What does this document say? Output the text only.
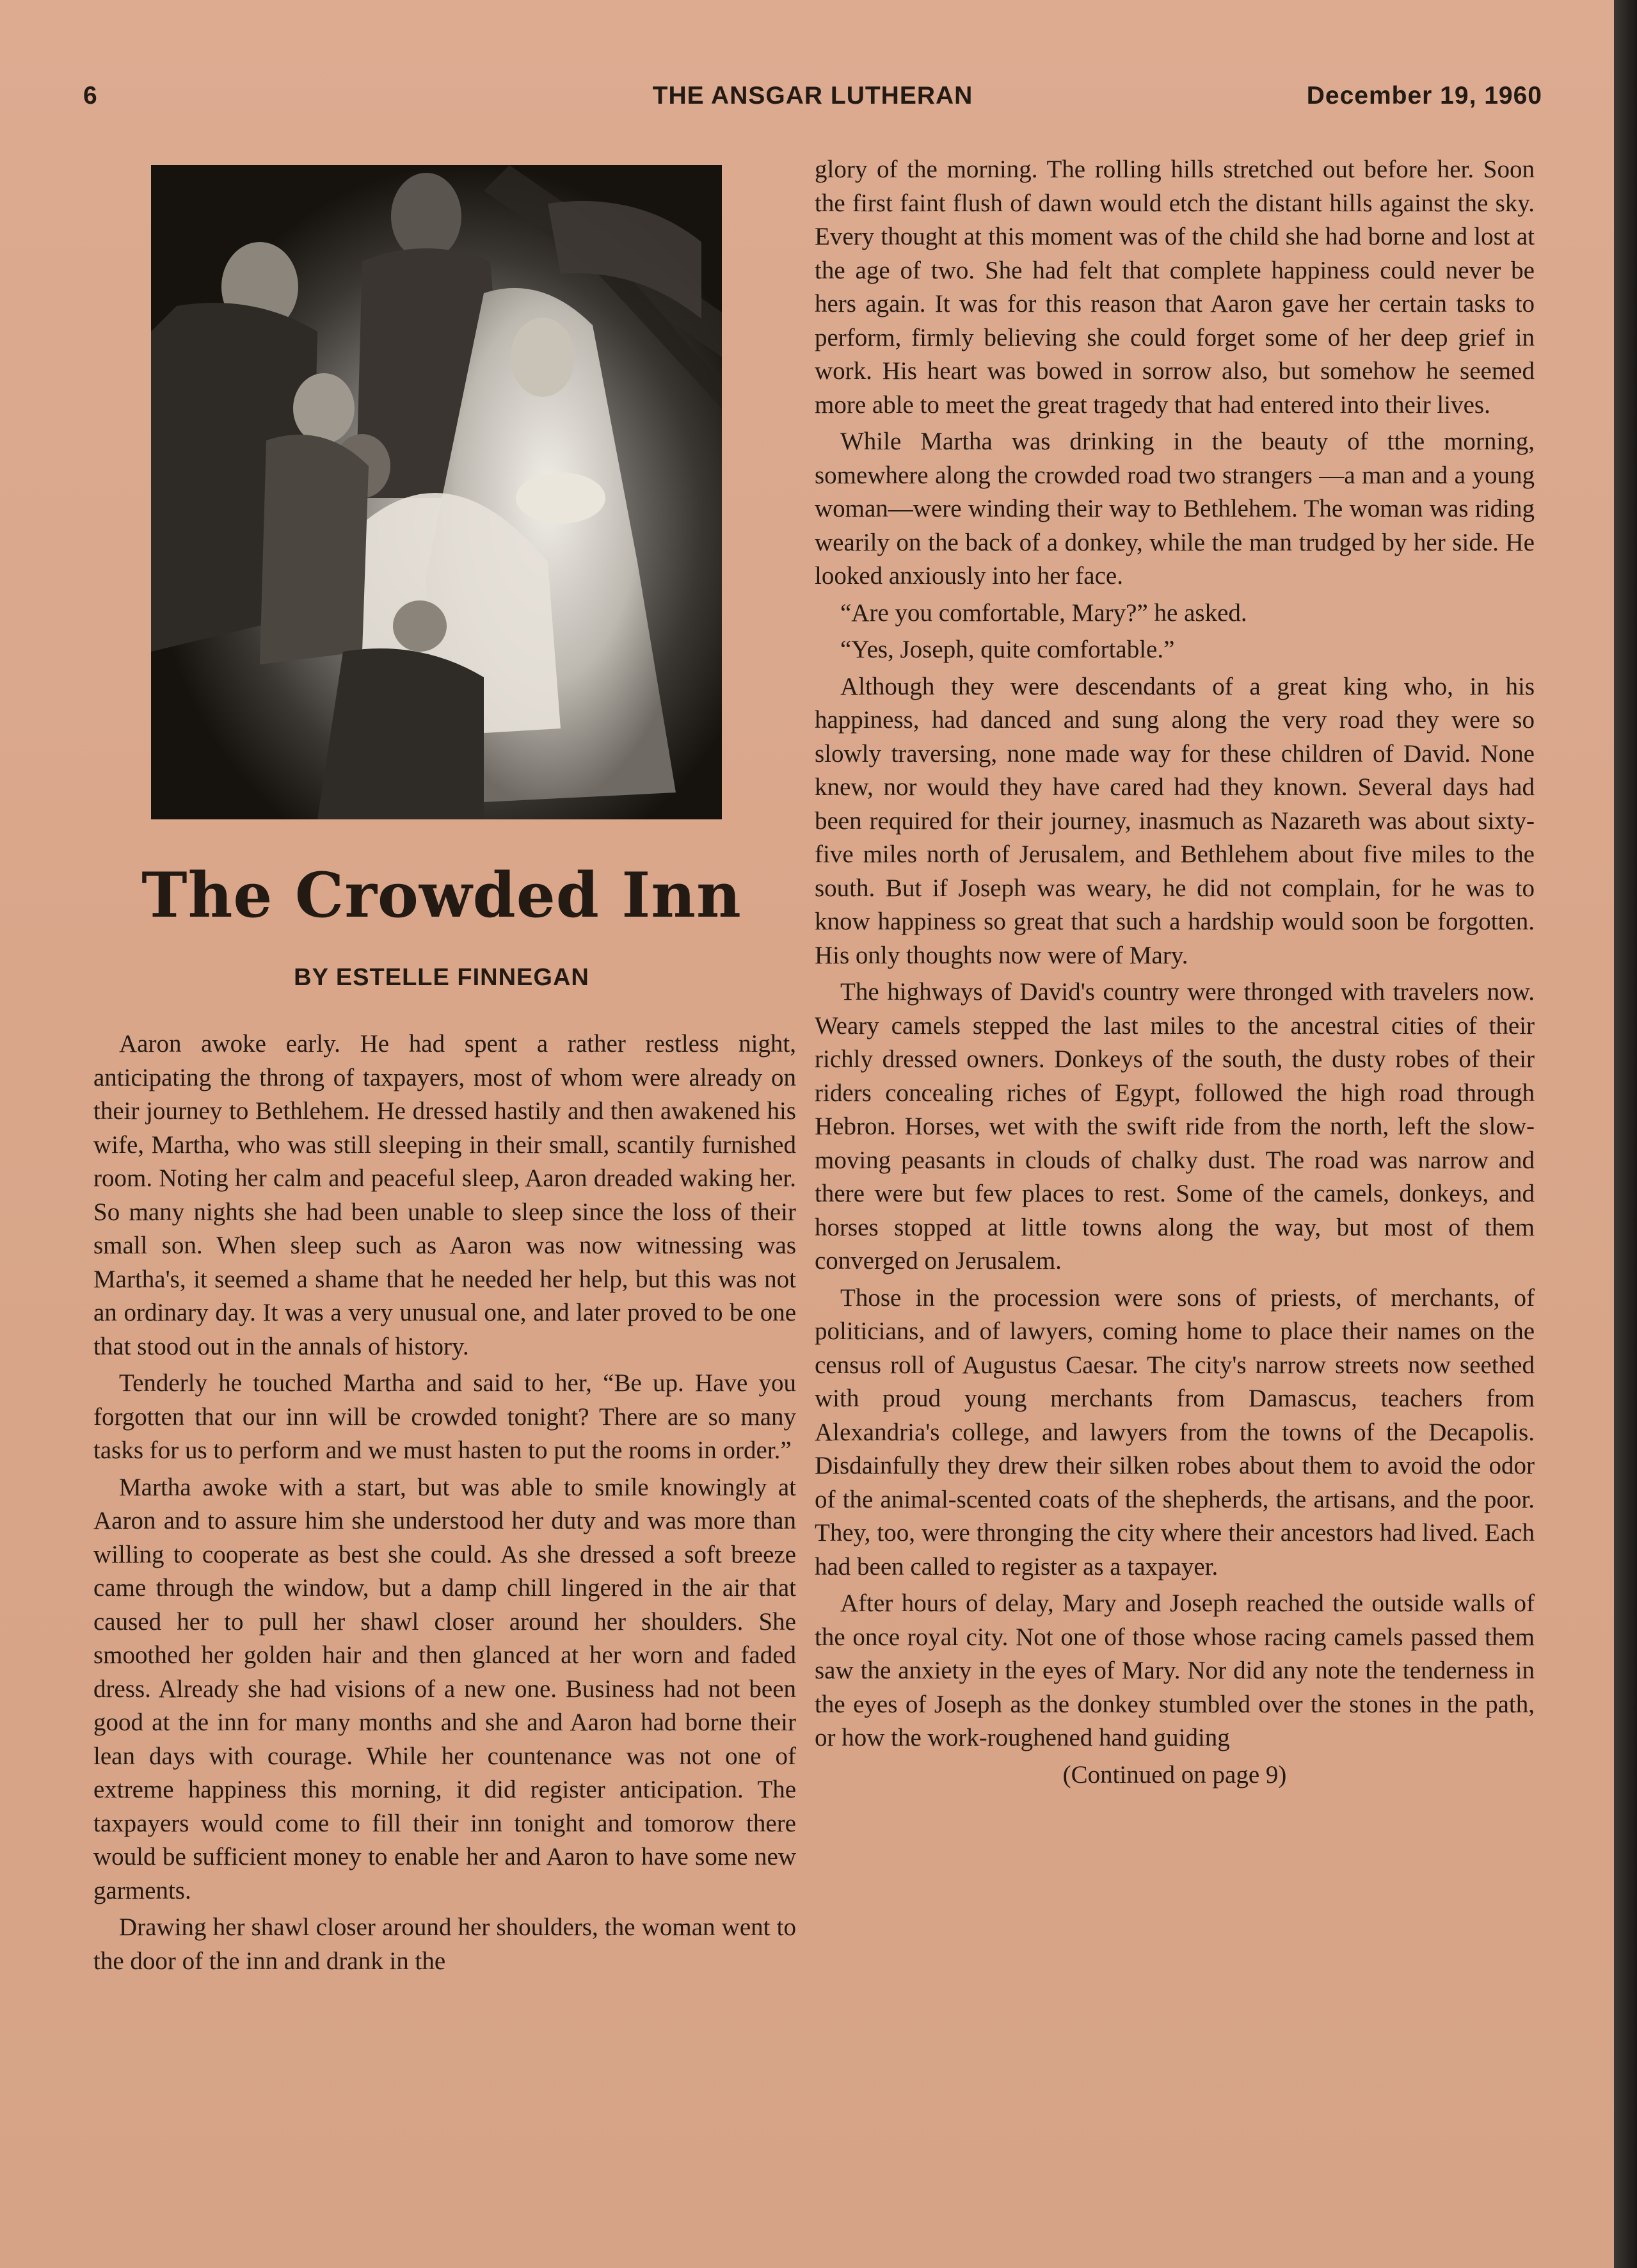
6	THE ANSGAR LUTHERAN	December 19, 1960
The Crowded Inn
BY ESTELLE FINNEGAN

Aaron awoke early. He had spent a rather restless night, anticipating the throng of taxpayers, most of whom were already on their journey to Bethlehem. He dressed hastily and then awakened his wife, Martha, who was still sleeping in their small, scantily furnished room. Noting her calm and peaceful sleep, Aaron dreaded waking her. So many nights she had been unable to sleep since the loss of their small son. When sleep such as Aaron was now witnessing was Martha's, it seemed a shame that he needed her help, but this was not an ordinary day. It was a very unusual one, and later proved to be one that stood out in the annals of history.

Tenderly he touched Martha and said to her, “Be up. Have you forgotten that our inn will be crowded tonight? There are so many tasks for us to perform and we must hasten to put the rooms in order.”

Martha awoke with a start, but was able to smile knowingly at Aaron and to assure him she understood her duty and was more than willing to cooperate as best she could. As she dressed a soft breeze came through the window, but a damp chill lingered in the air that caused her to pull her shawl closer around her shoulders. She smoothed her golden hair and then glanced at her worn and faded dress. Already she had visions of a new one. Business had not been good at the inn for many months and she and Aaron had borne their lean days with courage. While her countenance was not one of extreme happiness this morning, it did register anticipation. The taxpayers would come to fill their inn tonight and tomorow there would be sufficient money to enable her and Aaron to have some new garments.

Drawing her shawl closer around her shoulders, the woman went to the door of the inn and drank in the

glory of the morning. The rolling hills stretched out before her. Soon the first faint flush of dawn would etch the distant hills against the sky. Every thought at this moment was of the child she had borne and lost at the age of two. She had felt that complete happiness could never be hers again. It was for this reason that Aaron gave her certain tasks to perform, firmly believing she could forget some of her deep grief in work. His heart was bowed in sorrow also, but somehow he seemed more able to meet the great tragedy that had entered into their lives.

While Martha was drinking in the beauty of tthe morning, somewhere along the crowded road two strangers —a man and a young woman—were winding their way to Bethlehem. The woman was riding wearily on the back of a donkey, while the man trudged by her side. He looked anxiously into her face.

“Are you comfortable, Mary?” he asked.

“Yes, Joseph, quite comfortable.”

Although they were descendants of a great king who, in his happiness, had danced and sung along the very road they were so slowly traversing, none made way for these children of David. None knew, nor would they have cared had they known. Several days had been required for their journey, inasmuch as Nazareth was about sixty-five miles north of Jerusalem, and Bethlehem about five miles to the south. But if Joseph was weary, he did not complain, for he was to know happiness so great that such a hardship would soon be forgotten. His only thoughts now were of Mary.

The highways of David's country were thronged with travelers now. Weary camels stepped the last miles to the ancestral cities of their richly dressed owners. Donkeys of the south, the dusty robes of their riders concealing riches of Egypt, followed the high road through Hebron. Horses, wet with the swift ride from the north, left the slow-moving peasants in clouds of chalky dust. The road was narrow and there were but few places to rest. Some of the camels, donkeys, and horses stopped at little towns along the way, but most of them converged on Jerusalem.

Those in the procession were sons of priests, of merchants, of politicians, and of lawyers, coming home to place their names on the census roll of Augustus Caesar. The city's narrow streets now seethed with proud young merchants from Damascus, teachers from Alexandria's college, and lawyers from the towns of the Decapolis. Disdainfully they drew their silken robes about them to avoid the odor of the animal-scented coats of the shepherds, the artisans, and the poor. They, too, were thronging the city where their ancestors had lived. Each had been called to register as a taxpayer.

After hours of delay, Mary and Joseph reached the outside walls of the once royal city. Not one of those whose racing camels passed them saw the anxiety in the eyes of Mary. Nor did any note the tenderness in the eyes of Joseph as the donkey stumbled over the stones in the path, or how the work-roughened hand guiding

(Continued on page 9)
